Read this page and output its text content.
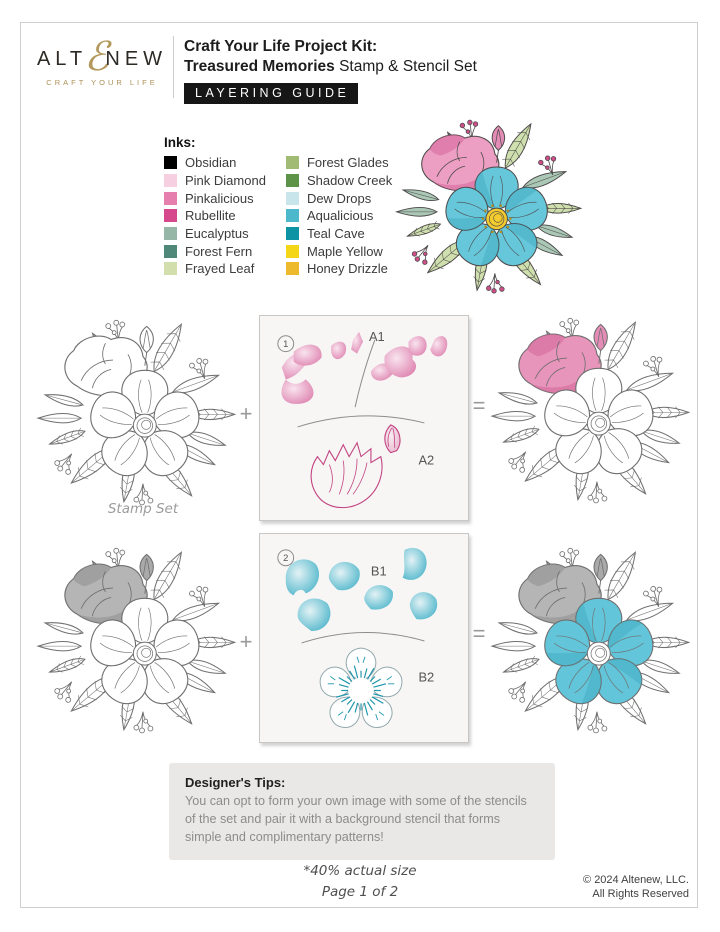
ALT
ℰ
NEW
CRAFT YOUR LIFE
Craft Your Life Project Kit:
Treasured Memories Stamp & Stencil Set
LAYERING GUIDE
Inks:
Obsidian
Pink Diamond
Pinkalicious
Rubellite
Eucalyptus
Forest Fern
Frayed Leaf
Forest Glades
Shadow Creek
Dew Drops
Aqualicious
Teal Cave
Maple Yellow
Honey Drizzle
Stamp Set
+
1	A1
A2
=
+
2
B1
B2
=
Designer's Tips:
You can opt to form your own image with some of the stencils of the set and pair it with a background stencil that forms simple and complimentary patterns!
*40% actual size
Page 1 of 2
© 2024 Altenew, LLC.
All Rights Reserved
